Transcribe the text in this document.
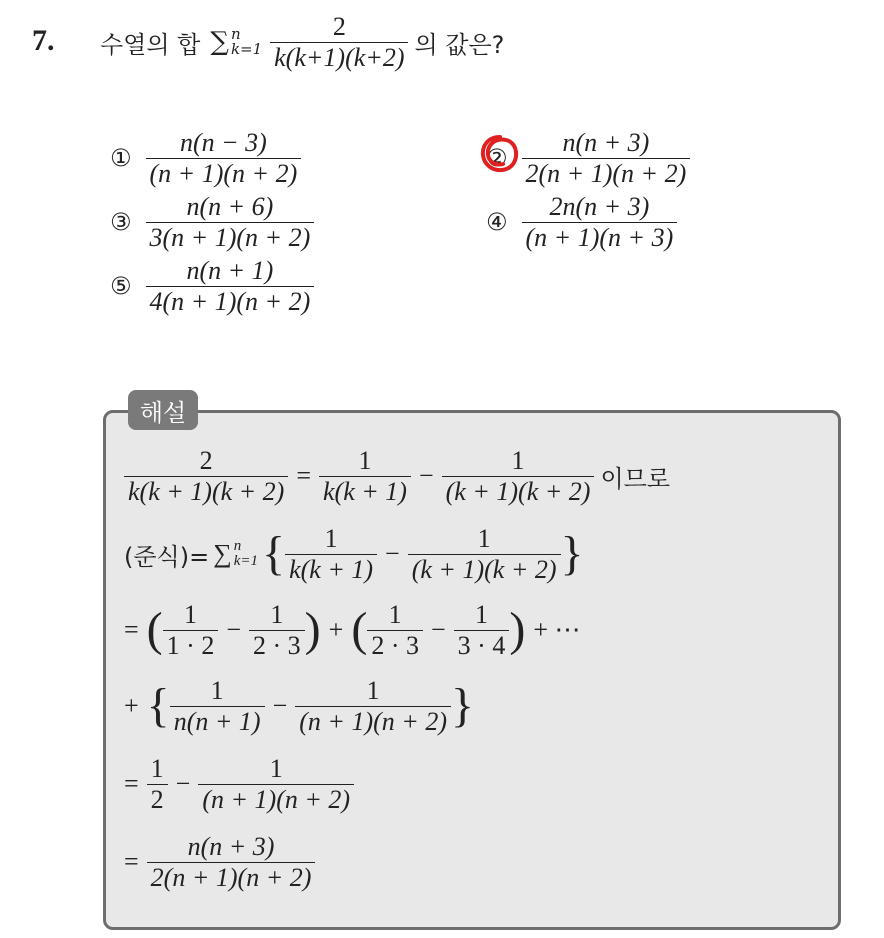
7. 수열의 합 ∑ n
$k=1 \frac{2}{k(k+1)(k+2)}$ 의 값은?
① $\frac{n(n - 3)}{(n + 1)(n + 2)}$	② $\frac{n(n + 3)}{2(n + 1)(n + 2)}$
③ $\frac{n(n + 6)}{3(n + 1)(n + 2)}$	④ $\frac{2n(n + 3)}{(n + 1)(n + 3)}$
⑤ $\frac{n(n + 1)}{4(n + 1)(n + 2)}$
해설
$\frac{2}{k(k + 1)(k + 2)} = \frac{1}{k(k + 1)} - \frac{1}{(k + 1)(k + 2)}$ 이므로
(준식)= ∑ n
k=1 { $\frac{1}{k(k + 1)} - \frac{1}{(k + 1)(k + 2)}$ }
= ( $\frac{1}{1 \cdot 2} - \frac{1}{2 \cdot 3}$ ) + ( $\frac{1}{2 \cdot 3} - \frac{1}{3 \cdot 4}$ ) + ⋯
+ { $\frac{1}{n(n + 1)} - \frac{1}{(n + 1)(n + 2)}$ }
= $\frac{1}{2} - \frac{1}{(n + 1)(n + 2)}$
= $\frac{n(n + 3)}{2(n + 1)(n + 2)}$
